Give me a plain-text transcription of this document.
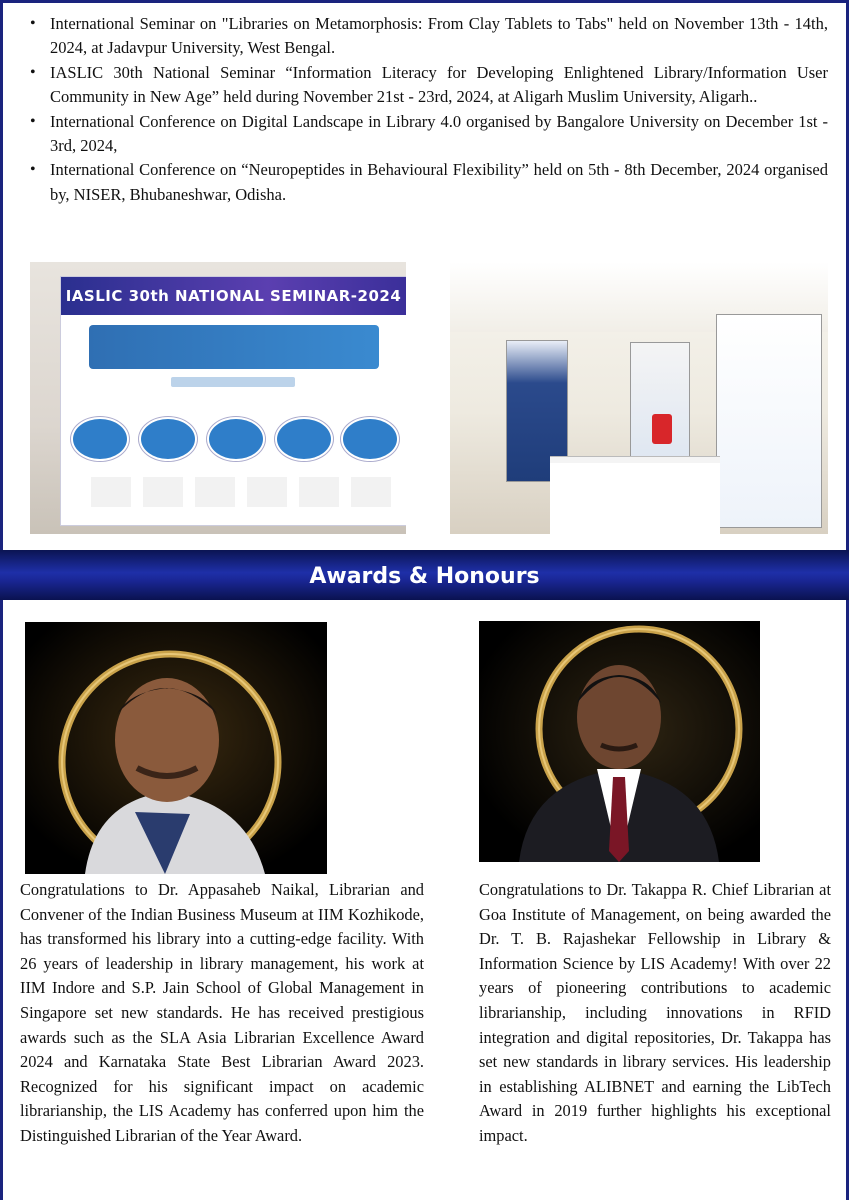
• International Seminar on "Libraries on Metamorphosis: From Clay Tablets to Tabs" held on November 13th - 14th, 2024, at Jadavpur University, West Bengal.
• IASLIC 30th National Seminar “Information Literacy for Developing Enlightened Library/Information User Community in New Age” held during November 21st - 23rd, 2024, at Aligarh Muslim University, Aligarh..
• International Conference on Digital Landscape in Library 4.0 organised by Bangalore University on December 1st - 3rd, 2024,
• International Conference on “Neuropeptides in Behavioural Flexibility” held on 5th - 8th December, 2024 organised by, NISER, Bhubaneshwar, Odisha.
IASLIC 30th NATIONAL SEMINAR-2024
Awards & Honours

Congratulations to Dr. Appasaheb Naikal, Librarian and Convener of the Indian Business Museum at IIM Kozhikode, has transformed his library into a cutting-edge facility. With 26 years of leadership in library management, his work at IIM Indore and S.P. Jain School of Global Management in Singapore set new standards. He has received prestigious awards such as the SLA Asia Librarian Excellence Award 2024 and Karnataka State Best Librarian Award 2023. Recognized for his significant impact on academic librarianship, the LIS Academy has conferred upon him the Distinguished Librarian of the Year Award.

Congratulations to Dr. Takappa R. Chief Librarian at Goa Institute of Management, on being awarded the Dr. T. B. Rajashekar Fellowship in Library & Information Science by LIS Academy! With over 22 years of pioneering contributions to academic librarianship, including innovations in RFID integration and digital repositories, Dr. Takappa has set new standards in library services. His leadership in establishing ALIBNET and earning the LibTech Award in 2019 further highlights his exceptional impact.
